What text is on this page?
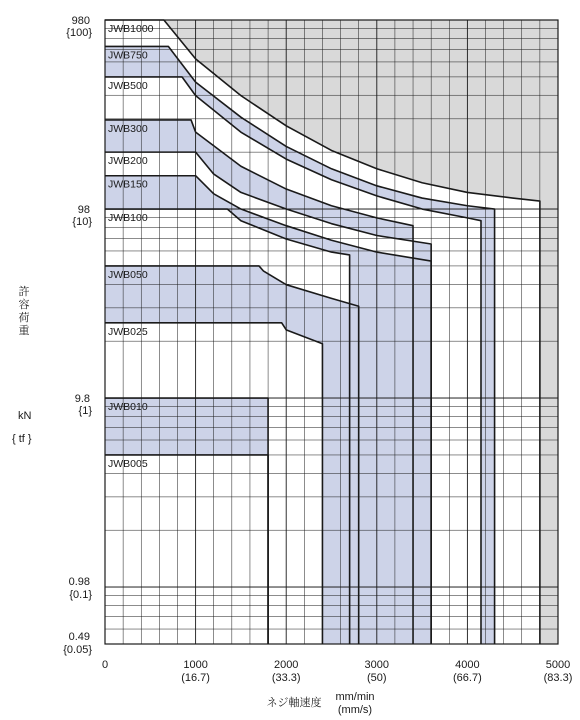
0	1000
(16.7)
2000
(33.3)
3000
(50)
4000
(66.7)
5000
(83.3)
980
{100}
98
{10}
9.8
{1}
0.98
{0.1}
0.49
{0.05}
JWB1000
JWB750
JWB500
JWB300
JWB200
JWB150
JWB100
JWB050
JWB025
JWB010
JWB005
ネジ軸速度 mm/min
(mm/s)
許容荷重
kN
{ tf }
